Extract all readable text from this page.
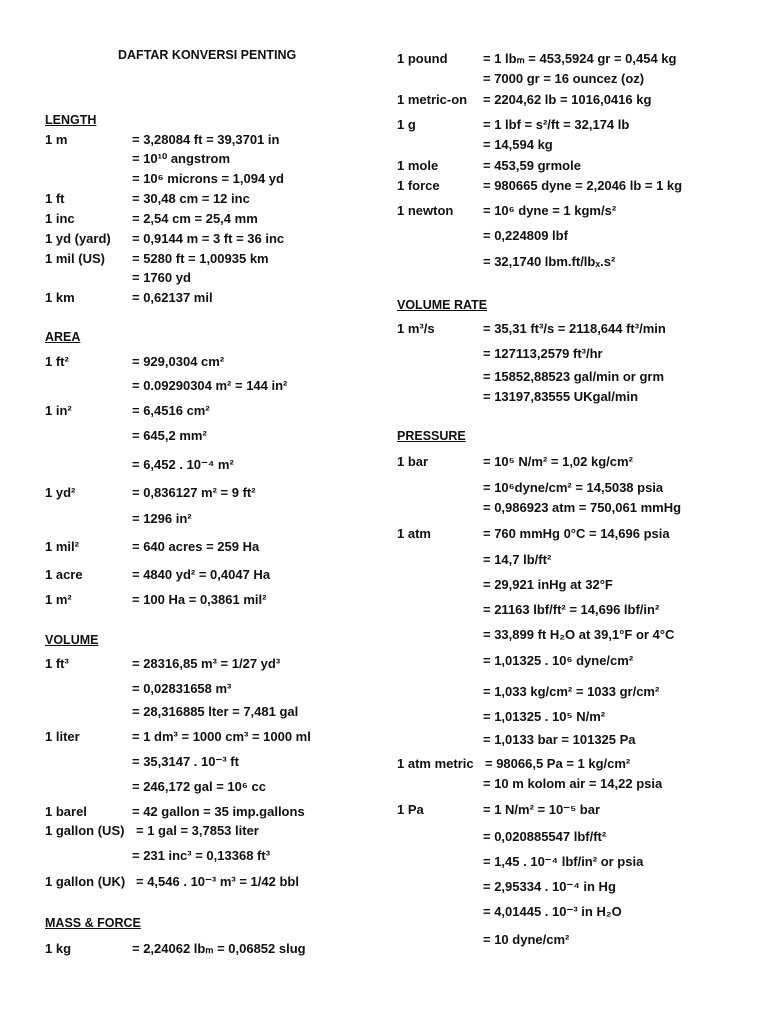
DAFTAR KONVERSI PENTING
LENGTH
1 m	= 3,28084 ft = 39,3701 in
= 10¹⁰ angstrom
= 10⁶ microns = 1,094 yd
1 ft	= 30,48 cm = 12 inc
1 inc	= 2,54 cm = 25,4 mm
1 yd (yard) = 0,9144 m = 3 ft = 36 inc
1 mil (US) = 5280 ft = 1,00935 km
= 1760 yd
1 km	= 0,62137 mil
AREA
1 ft²	= 929,0304 cm²
= 0.09290304 m² = 144 in²
1 in²	= 6,4516 cm²
= 645,2 mm²
= 6,452 . 10⁻⁴ m²
1 yd²	= 0,836127 m² = 9 ft²
= 1296 in²
1 mil²	= 640 acres = 259 Ha
1 acre	= 4840 yd² = 0,4047 Ha
1 m²	= 100 Ha = 0,3861 mil²
VOLUME
1 ft³	= 28316,85 m³ = 1/27 yd³
= 0,02831658 m³
= 28,316885 lter = 7,481 gal
1 liter	= 1 dm³ = 1000 cm³ = 1000 ml
= 35,3147 . 10⁻³ ft
= 246,172 gal = 10⁶ cc
1 barel	= 42 gallon = 35 imp.gallons
1 gallon (US) = 1 gal = 3,7853 liter
= 231 inc³ = 0,13368 ft³
1 gallon (UK) = 4,546 . 10⁻³ m³ = 1/42 bbl
MASS & FORCE
1 kg	= 2,24062 lbₘ = 0,06852 slug
1 pound	= 1 lbₘ = 453,5924 gr = 0,454 kg
= 7000 gr = 16 ouncez (oz)
1 metric-on = 2204,62 lb = 1016,0416 kg
1 g	= 1 lbf = s²/ft = 32,174 lb
= 14,594 kg
1 mole	= 453,59 grmole
1 force	= 980665 dyne = 2,2046 lb = 1 kg
1 newton = 10⁶ dyne = 1 kgm/s²
= 0,224809 lbf
= 32,1740 lbm.ft/lbₓ.s²
VOLUME RATE
1 m³/s	= 35,31 ft³/s = 2118,644 ft³/min
= 127113,2579 ft³/hr
= 15852,88523 gal/min or grm
= 13197,83555 UKgal/min
PRESSURE
1 bar	= 10⁵ N/m² = 1,02 kg/cm²
= 10⁶dyne/cm² = 14,5038 psia
= 0,986923 atm = 750,061 mmHg
1 atm	= 760 mmHg 0°C = 14,696 psia
= 14,7 lb/ft²
= 29,921 inHg at 32°F
= 21163 lbf/ft² = 14,696 lbf/in²
= 33,899 ft H₂O at 39,1°F or 4°C
= 1,01325 . 10⁶ dyne/cm²
= 1,033 kg/cm² = 1033 gr/cm²
= 1,01325 . 10⁵ N/m²
= 1,0133 bar = 101325 Pa
1 atm metric = 98066,5 Pa = 1 kg/cm²
= 10 m kolom air = 14,22 psia
1 Pa	= 1 N/m² = 10⁻⁵ bar
= 0,020885547 lbf/ft²
= 1,45 . 10⁻⁴ lbf/in² or psia
= 2,95334 . 10⁻⁴ in Hg
= 4,01445 . 10⁻³ in H₂O
= 10 dyne/cm²
